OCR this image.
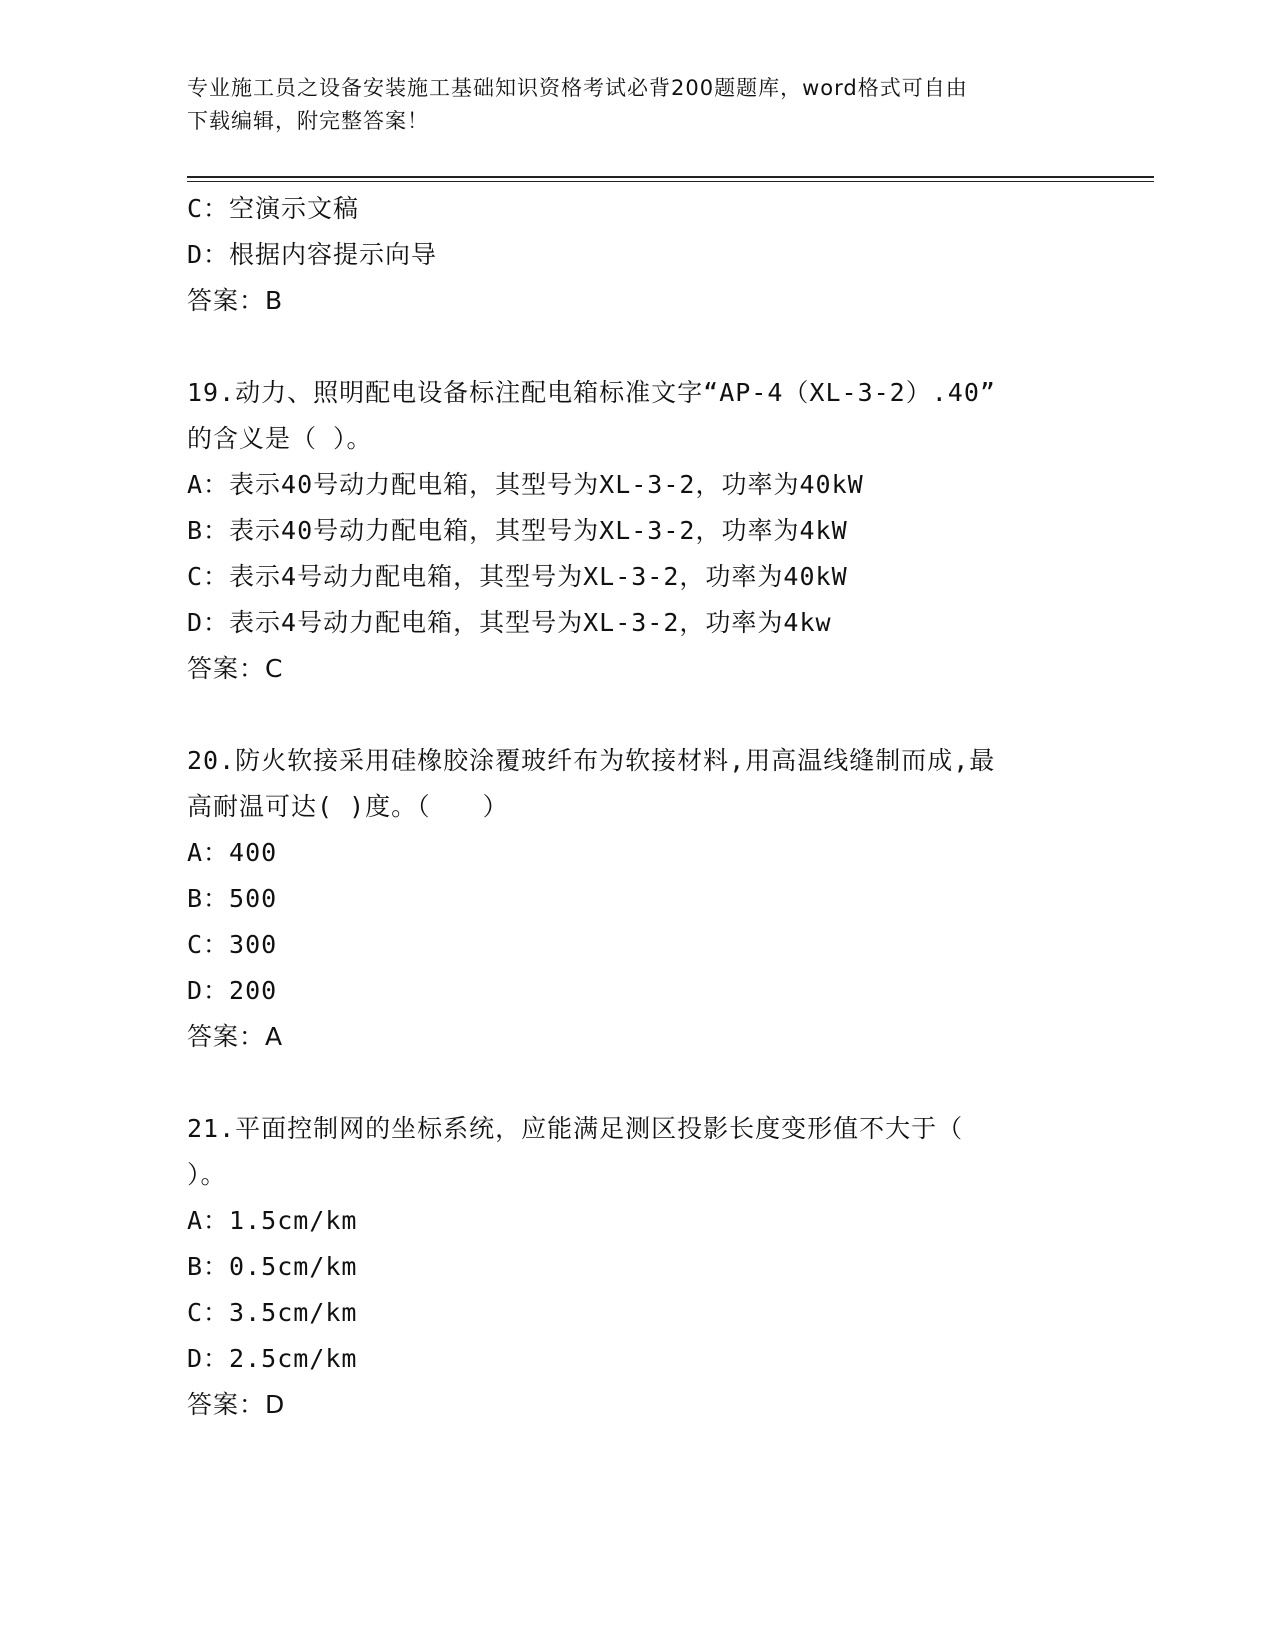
专业施工员之设备安装施工基础知识资格考试必背200题题库，word格式可自由
下载编辑，附完整答案！
C：空演示文稿
D：根据内容提示向导
答案：B
19.动力、照明配电设备标注配电箱标准文字“AP-4（XL-3-2）.40”
的含义是（ ）。
A：表示40号动力配电箱，其型号为XL-3-2，功率为40kW
B：表示40号动力配电箱，其型号为XL-3-2，功率为4kW
C：表示4号动力配电箱，其型号为XL-3-2，功率为40kW
D：表示4号动力配电箱，其型号为XL-3-2，功率为4kw
答案：C
20.防火软接采用硅橡胶涂覆玻纤布为软接材料,用高温线缝制而成,最
高耐温可达( )度。（　　）
A：400
B：500
C：300
D：200
答案：A
21.平面控制网的坐标系统，应能满足测区投影长度变形值不大于（
）。
A：1.5cm/km
B：0.5cm/km
C：3.5cm/km
D：2.5cm/km
答案：D
